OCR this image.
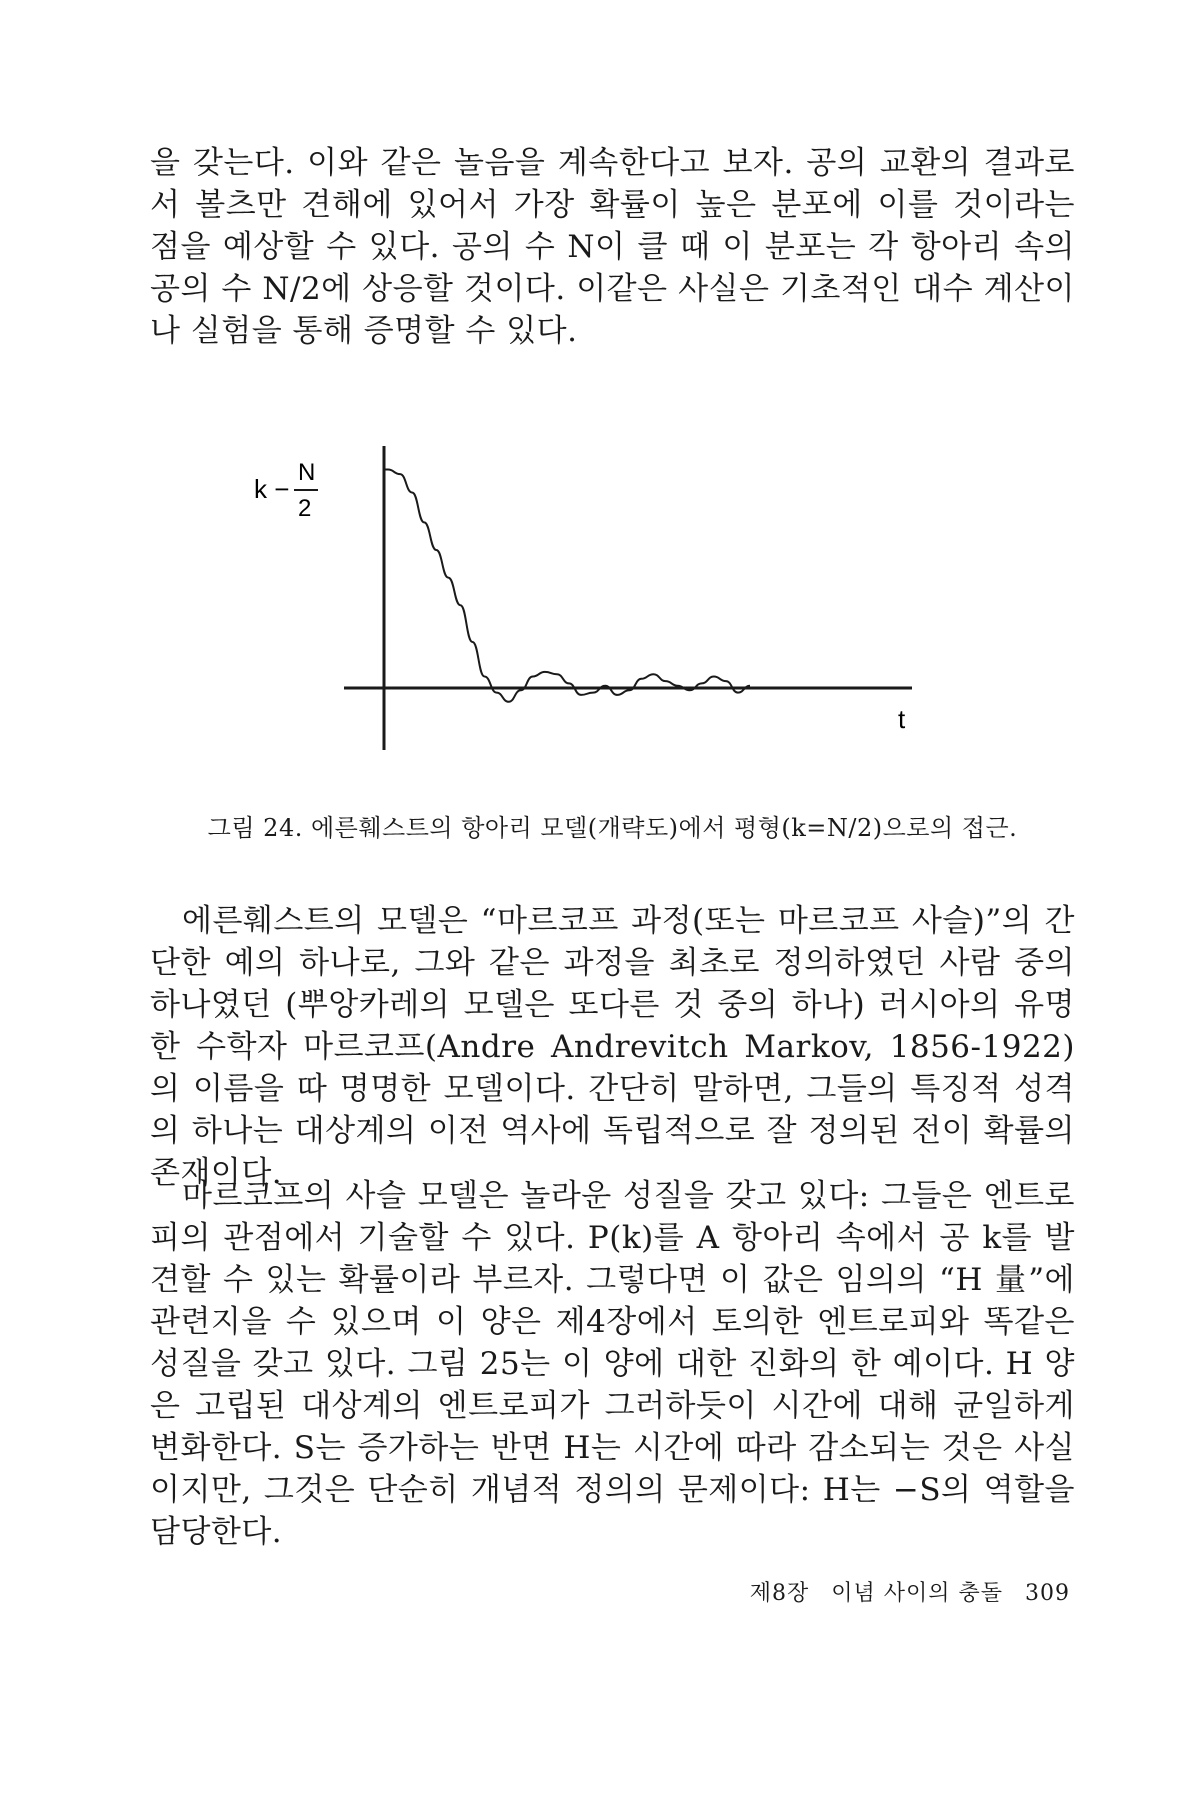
을 갖는다. 이와 같은 놀음을 계속한다고 보자. 공의 교환의 결과로서 볼츠만 견해에 있어서 가장 확률이 높은 분포에 이를 것이라는 점을 예상할 수 있다. 공의 수 N이 클 때 이 분포는 각 항아리 속의 공의 수 N/2에 상응할 것이다. 이같은 사실은 기초적인 대수 계산이나 실험을 통해 증명할 수 있다.

k −
N
2
t
그림 24. 에른훼스트의 항아리 모델(개략도)에서 평형(k=N/2)으로의 접근.

에른훼스트의 모델은 “마르코프 과정(또는 마르코프 사슬)”의 간단한 예의 하나로, 그와 같은 과정을 최초로 정의하였던 사람 중의 하나였던 (뿌앙카레의 모델은 또다른 것 중의 하나) 러시아의 유명한 수학자 마르코프(Andre Andrevitch Markov, 1856-1922)의 이름을 따 명명한 모델이다. 간단히 말하면, 그들의 특징적 성격의 하나는 대상계의 이전 역사에 독립적으로 잘 정의된 전이 확률의 존재이다.

마르코프의 사슬 모델은 놀라운 성질을 갖고 있다: 그들은 엔트로피의 관점에서 기술할 수 있다. P(k)를 A 항아리 속에서 공 k를 발견할 수 있는 확률이라 부르자. 그렇다면 이 값은 임의의 “H 量”에 관련지을 수 있으며 이 양은 제4장에서 토의한 엔트로피와 똑같은 성질을 갖고 있다. 그림 25는 이 양에 대한 진화의 한 예이다. H 양은 고립된 대상계의 엔트로피가 그러하듯이 시간에 대해 균일하게 변화한다. S는 증가하는 반면 H는 시간에 따라 감소되는 것은 사실이지만, 그것은 단순히 개념적 정의의 문제이다: H는 −S의 역할을 담당한다.

제8장 이념 사이의 충돌 309
